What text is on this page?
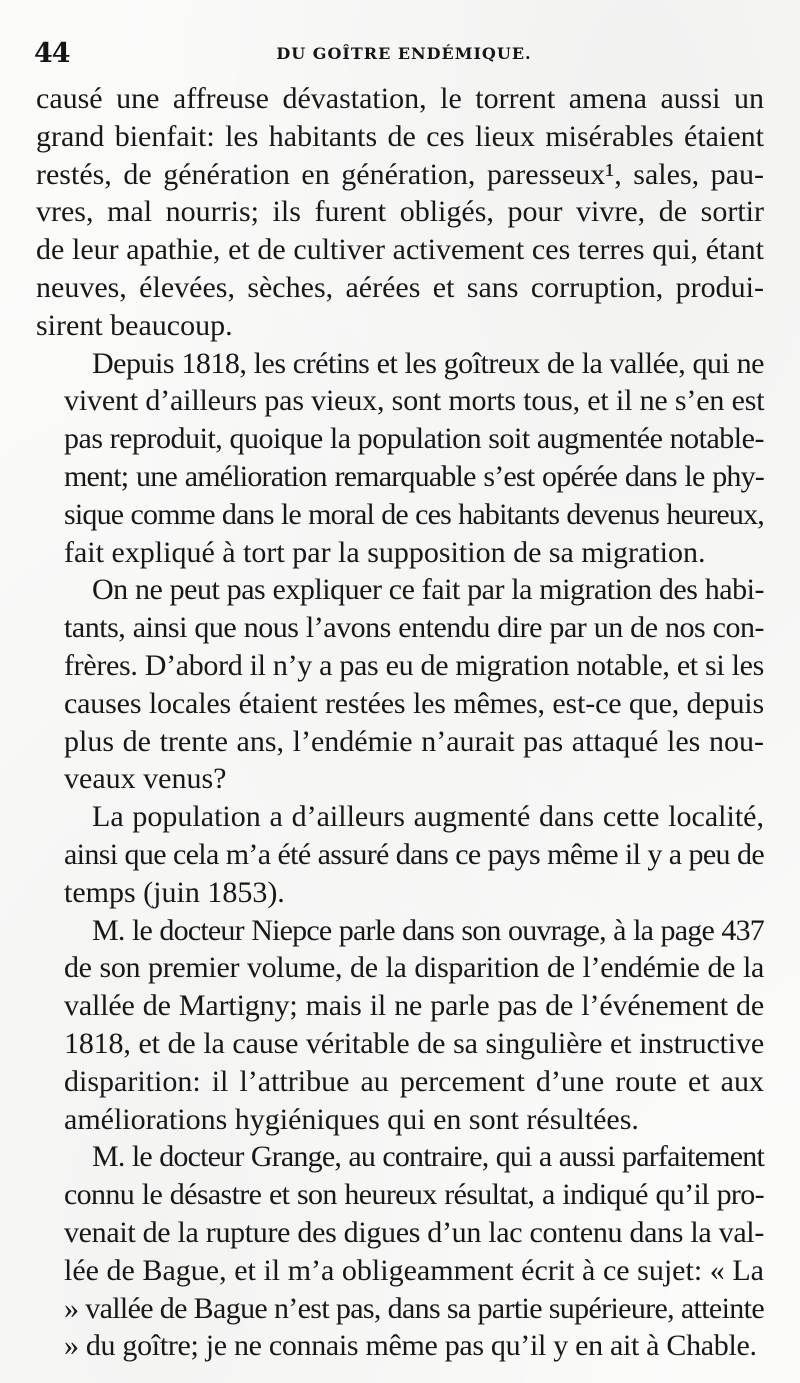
44	DU GOÎTRE ENDÉMIQUE.
causé une affreuse dévastation, le torrent amena aussi un
grand bienfait: les habitants de ces lieux misérables étaient
restés, de génération en génération, paresseux¹, sales, pau-
vres, mal nourris; ils furent obligés, pour vivre, de sortir
de leur apathie, et de cultiver activement ces terres qui, étant
neuves, élevées, sèches, aérées et sans corruption, produi-
sirent beaucoup.
Depuis 1818, les crétins et les goîtreux de la vallée, qui ne
vivent d’ailleurs pas vieux, sont morts tous, et il ne s’en est
pas reproduit, quoique la population soit augmentée notable-
ment; une amélioration remarquable s’est opérée dans le phy-
sique comme dans le moral de ces habitants devenus heureux,
fait expliqué à tort par la supposition de sa migration.
On ne peut pas expliquer ce fait par la migration des habi-
tants, ainsi que nous l’avons entendu dire par un de nos con-
frères. D’abord il n’y a pas eu de migration notable, et si les
causes locales étaient restées les mêmes, est-ce que, depuis
plus de trente ans, l’endémie n’aurait pas attaqué les nou-
veaux venus?
La population a d’ailleurs augmenté dans cette localité,
ainsi que cela m’a été assuré dans ce pays même il y a peu de
temps (juin 1853).
M. le docteur Niepce parle dans son ouvrage, à la page 437
de son premier volume, de la disparition de l’endémie de la
vallée de Martigny; mais il ne parle pas de l’événement de
1818, et de la cause véritable de sa singulière et instructive
disparition: il l’attribue au percement d’une route et aux
améliorations hygiéniques qui en sont résultées.
M. le docteur Grange, au contraire, qui a aussi parfaitement
connu le désastre et son heureux résultat, a indiqué qu’il pro-
venait de la rupture des digues d’un lac contenu dans la val-
lée de Bague, et il m’a obligeamment écrit à ce sujet: « La
» vallée de Bague n’est pas, dans sa partie supérieure, atteinte
» du goître; je ne connais même pas qu’il y en ait à Chable.
